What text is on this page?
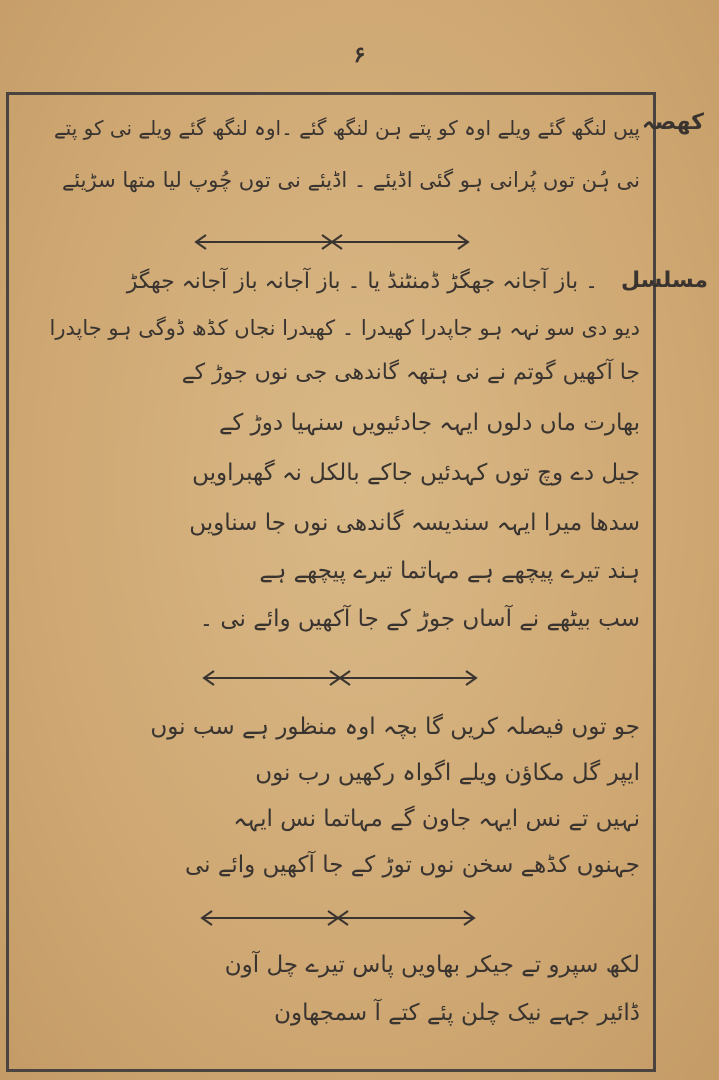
۶
کھصہ
پیں لنگھ گئے ویلے اوہ کو پتے ہن لنگھ گئے ۔اوہ لنگھ گئے ویلے نی کو پتے
نی ہُن توں پُرانی ہو گئی اڈیئے ۔ اڈیئے نی توں چُوپ لیا متھا سڑیئے
مسلسل
۔ باز آجانہ جھگڑ ڈمنٹنڈ یا ۔ باز آجانہ باز آجانہ جھگڑ
دیو دی سو نہہ ہو جاپدرا کھیدرا ۔ کھیدرا نجاں کڈھ ڈوگی ہو جاپدرا
جا آکھیں گوتم نے نی ہتھہ گاندھی جی نوں جوڑ کے
بھارت ماں دلوں ایہہ جادئیویں سنہیا دوڑ کے
جیل دے وچ توں کہدئیں جاکے بالکل نہ گھبراویں
سدھا میرا ایہہ سندیسہ گاندھی نوں جا سناویں
ہند تیرے پیچھے ہے مہاتما تیرے پیچھے ہے
سب بیٹھے نے آساں جوڑ کے جا آکھیں وائے نی ۔
جو توں فیصلہ کریں گا بچہ اوہ منظور ہے سب نوں
ایپر گل مکاؤن ویلے اگواہ رکھیں رب نوں
نہیں تے نس ایہہ جاون گے مہاتما نس ایہہ
جہنوں کڈھے سخن نوں توڑ کے جا آکھیں وائے نی
لکھ سپرو تے جیکر بھاویں پاس تیرے چل آون
ڈائیر جہے نیک چلن پئے کتے آ سمجھاون
